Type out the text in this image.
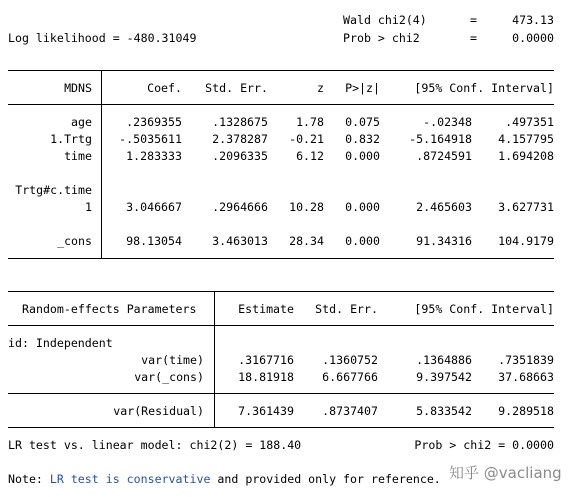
Log likelihood = -480.31049
Wald chi2(4)	=	473.13
Prob > chi2	=	0.0000
MDNS	Coef.	Std. Err.	z	P>|z|	[95% Conf. Interval]
age	.2369355	.1328675	1.78	0.075	-.02348	.497351
1.Trtg	-.5035611	2.378287	-0.21	0.832	-5.164918	4.157795
time	1.283333	.2096335	6.12	0.000	.8724591	1.694208
Trtg#c.time
1	3.046667	.2964666	10.28	0.000	2.465603	3.627731
_cons	98.13054	3.463013	28.34	0.000	91.34316	104.9179
Random-effects Parameters	Estimate	Std. Err.	[95% Conf. Interval]
id: Independent
var(time)	.3167716	.1360752	.1364886	.7351839
var(_cons)	18.81918	6.667766	9.397542	37.68663
var(Residual)	7.361439	.8737407	5.833542	9.289518
LR test vs. linear model: chi2(2) = 188.40	Prob > chi2 = 0.0000
Note: LR test is conservative and provided only for reference. 知乎 @vacliang
